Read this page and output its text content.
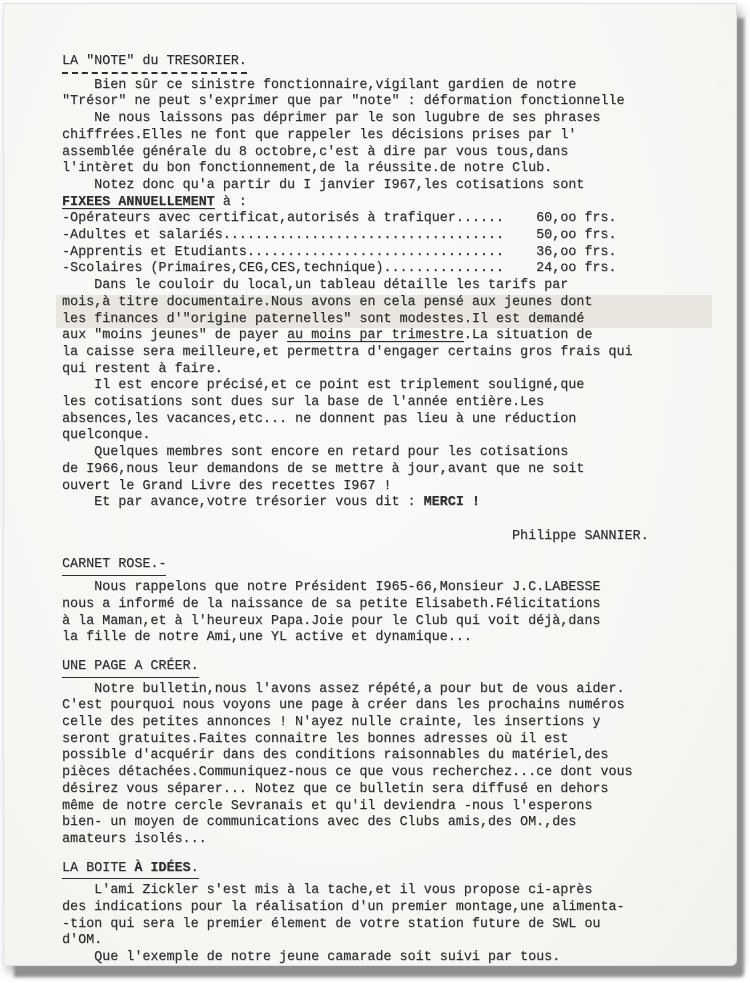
LA "NOTE" du TRESORIER.
Bien sûr ce sinistre fonctionnaire,vigilant gardien de notre
"Trésor" ne peut s'exprimer que par "note" : déformation fonctionnelle
Ne nous laissons pas déprimer par le son lugubre de ses phrases
chiffrées.Elles ne font que rappeler les décisions prises par l'
assemblée générale du 8 octobre,c'est à dire par vous tous,dans
l'intèret du bon fonctionnement,de la réussite.de notre Club.
Notez donc qu'a partir du I janvier I967,les cotisations sont
FIXEES ANNUELLEMENT à :
-Opérateurs avec certificat,autorisés à trafiquer......    60,oo frs.
-Adultes et salariés...................................    50,oo frs.
-Apprentis et Etudiants................................    36,oo frs.
-Scolaires (Primaires,CEG,CES,technique)...............    24,oo frs.
Dans le couloir du local,un tableau détaille les tarifs par
mois,à titre documentaire.Nous avons en cela pensé aux jeunes dont
les finances d'"origine paternelles" sont modestes.Il est demandé
aux "moins jeunes" de payer au moins par trimestre.La situation de
la caisse sera meilleure,et permettra d'engager certains gros frais qui
qui restent à faire.
Il est encore précisé,et ce point est triplement souligné,que
les cotisations sont dues sur la base de l'année entière.Les
absences,les vacances,etc... ne donnent pas lieu à une réduction
quelconque.
Quelques membres sont encore en retard pour les cotisations
de I966,nous leur demandons de se mettre à jour,avant que ne soit
ouvert le Grand Livre des recettes I967 !
Et par avance,votre trésorier vous dit : MERCI !

Philippe SANNIER.
CARNET ROSE.-
Nous rappelons que notre Président I965-66,Monsieur J.C.LABESSE
nous a informé de la naissance de sa petite Elisabeth.Félicitations
à la Maman,et à l'heureux Papa.Joie pour le Club qui voit déjà,dans
la fille de notre Ami,une YL active et dynamique...
UNE PAGE A CRÉER.
Notre bulletin,nous l'avons assez répété,a pour but de vous aider.
C'est pourquoi nous voyons une page à créer dans les prochains numéros
celle des petites annonces ! N'ayez nulle crainte, les insertions y
seront gratuites.Faites connaitre les bonnes adresses où il est
possible d'acquérir dans des conditions raisonnables du matériel,des
pièces détachées.Communiquez-nous ce que vous recherchez...ce dont vous
désirez vous séparer... Notez que ce bulletin sera diffusé en dehors
même de notre cercle Sevranais et qu'il deviendra -nous l'esperons
bien- un moyen de communications avec des Clubs amis,des OM.,des
amateurs isolés...
LA BOITE À IDÉES.
L'ami Zickler s'est mis à la tache,et il vous propose ci-après
des indications pour la réalisation d'un premier montage,une alimenta-
-tion qui sera le premier élement de votre station future de SWL ou
d'OM.
Que l'exemple de notre jeune camarade soit suivi par tous.
